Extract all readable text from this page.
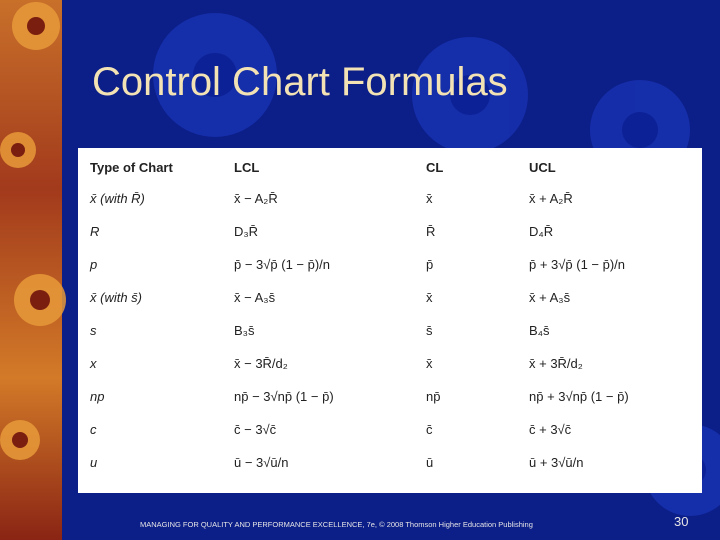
Control Chart Formulas
Type of Chart	LCL	CL	UCL
x̄ (with R̄)	x̄ − A₂R̄	x̄	x̄ + A₂R̄
R	D₃R̄	R̄	D₄R̄
p	p̄ − 3√p̄ (1 − p̄)/n	p̄	p̄ + 3√p̄ (1 − p̄)/n
x̄ (with s̄)	x̄ − A₃s̄	x̄	x̄ + A₃s̄
s	B₃s̄	s̄	B₄s̄
x	x̄ − 3R̄/d₂	x̄	x̄ + 3R̄/d₂
np	np̄ − 3√np̄ (1 − p̄)	np̄	np̄ + 3√np̄ (1 − p̄)
c	c̄ − 3√c̄	c̄	c̄ + 3√c̄
u	ū − 3√ū/n	ū	ū + 3√ū/n
MANAGING FOR QUALITY AND PERFORMANCE EXCELLENCE, 7e, © 2008 Thomson Higher Education Publishing	30
